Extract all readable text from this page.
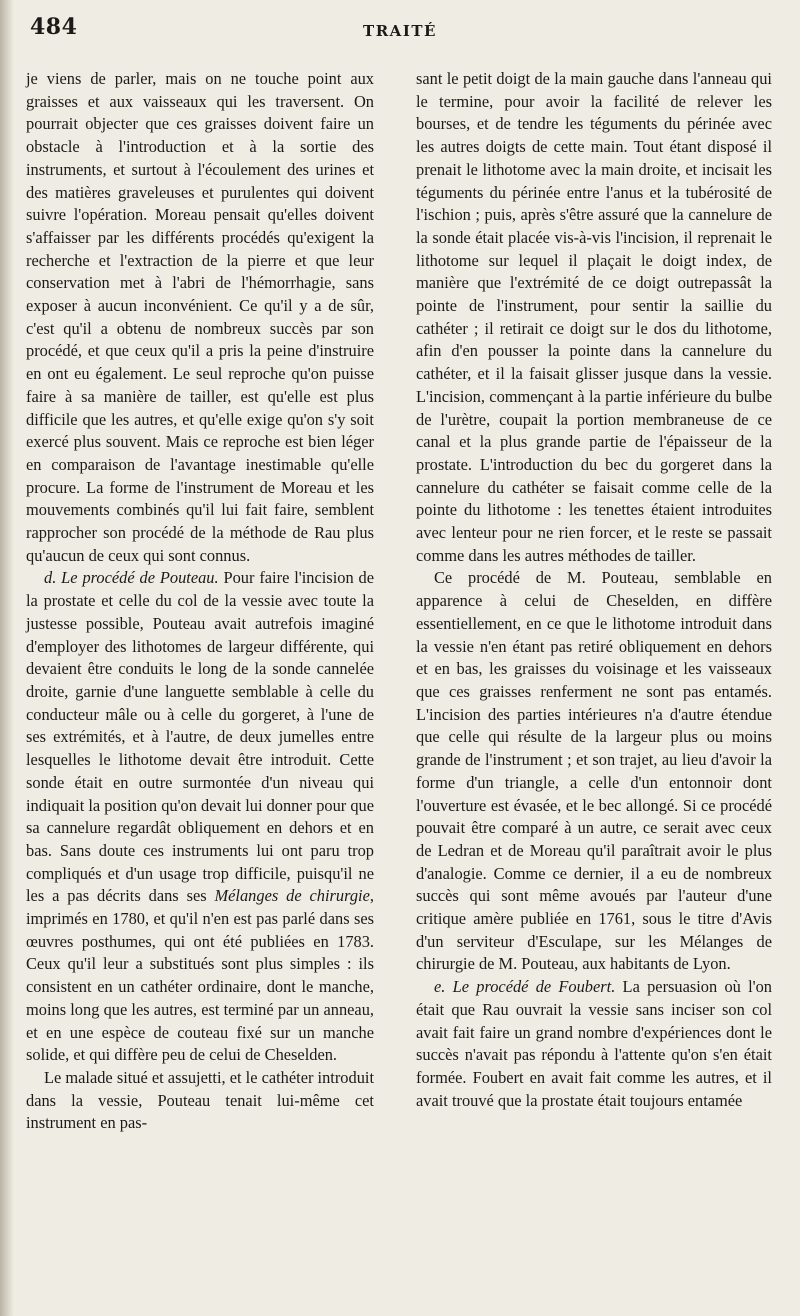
484	TRAITÉ

je viens de parler, mais on ne touche point aux graisses et aux vaisseaux qui les traversent. On pourrait objecter que ces graisses doivent faire un obstacle à l'introduction et à la sortie des instruments, et surtout à l'écoulement des urines et des matières graveleuses et purulentes qui doivent suivre l'opération. Moreau pensait qu'elles doivent s'affaisser par les différents procédés qu'exigent la recherche et l'extraction de la pierre et que leur conservation met à l'abri de l'hémorrhagie, sans exposer à aucun inconvénient. Ce qu'il y a de sûr, c'est qu'il a obtenu de nombreux succès par son procédé, et que ceux qu'il a pris la peine d'instruire en ont eu également. Le seul reproche qu'on puisse faire à sa manière de tailler, est qu'elle est plus difficile que les autres, et qu'elle exige qu'on s'y soit exercé plus souvent. Mais ce reproche est bien léger en comparaison de l'avantage inestimable qu'elle procure. La forme de l'instrument de Moreau et les mouvements combinés qu'il lui fait faire, semblent rapprocher son procédé de la méthode de Rau plus qu'aucun de ceux qui sont connus.

d. Le procédé de Pouteau. Pour faire l'incision de la prostate et celle du col de la vessie avec toute la justesse possible, Pouteau avait autrefois imaginé d'employer des lithotomes de largeur différente, qui devaient être conduits le long de la sonde cannelée droite, garnie d'une languette semblable à celle du conducteur mâle ou à celle du gorgeret, à l'une de ses extrémités, et à l'autre, de deux jumelles entre lesquelles le lithotome devait être introduit. Cette sonde était en outre surmontée d'un niveau qui indiquait la position qu'on devait lui donner pour que sa cannelure regardât obliquement en dehors et en bas. Sans doute ces instruments lui ont paru trop compliqués et d'un usage trop difficile, puisqu'il ne les a pas décrits dans ses Mélanges de chirurgie, imprimés en 1780, et qu'il n'en est pas parlé dans ses œuvres posthumes, qui ont été publiées en 1783. Ceux qu'il leur a substitués sont plus simples : ils consistent en un cathéter ordinaire, dont le manche, moins long que les autres, est terminé par un anneau, et en une espèce de couteau fixé sur un manche solide, et qui diffère peu de celui de Cheselden.

Le malade situé et assujetti, et le cathéter introduit dans la vessie, Pouteau tenait lui-même cet instrument en pas-

sant le petit doigt de la main gauche dans l'anneau qui le termine, pour avoir la facilité de relever les bourses, et de tendre les téguments du périnée avec les autres doigts de cette main. Tout étant disposé il prenait le lithotome avec la main droite, et incisait les téguments du périnée entre l'anus et la tubérosité de l'ischion ; puis, après s'être assuré que la cannelure de la sonde était placée vis-à-vis l'incision, il reprenait le lithotome sur lequel il plaçait le doigt index, de manière que l'extrémité de ce doigt outrepassât la pointe de l'instrument, pour sentir la saillie du cathéter ; il retirait ce doigt sur le dos du lithotome, afin d'en pousser la pointe dans la cannelure du cathéter, et il la faisait glisser jusque dans la vessie. L'incision, commençant à la partie inférieure du bulbe de l'urètre, coupait la portion membraneuse de ce canal et la plus grande partie de l'épaisseur de la prostate. L'introduction du bec du gorgeret dans la cannelure du cathéter se faisait comme celle de la pointe du lithotome : les tenettes étaient introduites avec lenteur pour ne rien forcer, et le reste se passait comme dans les autres méthodes de tailler.

Ce procédé de M. Pouteau, semblable en apparence à celui de Cheselden, en diffère essentiellement, en ce que le lithotome introduit dans la vessie n'en étant pas retiré obliquement en dehors et en bas, les graisses du voisinage et les vaisseaux que ces graisses renferment ne sont pas entamés. L'incision des parties intérieures n'a d'autre étendue que celle qui résulte de la largeur plus ou moins grande de l'instrument ; et son trajet, au lieu d'avoir la forme d'un triangle, a celle d'un entonnoir dont l'ouverture est évasée, et le bec allongé. Si ce procédé pouvait être comparé à un autre, ce serait avec ceux de Ledran et de Moreau qu'il paraîtrait avoir le plus d'analogie. Comme ce dernier, il a eu de nombreux succès qui sont même avoués par l'auteur d'une critique amère publiée en 1761, sous le titre d'Avis d'un serviteur d'Esculape, sur les Mélanges de chirurgie de M. Pouteau, aux habitants de Lyon.

e. Le procédé de Foubert. La persuasion où l'on était que Rau ouvrait la vessie sans inciser son col avait fait faire un grand nombre d'expériences dont le succès n'avait pas répondu à l'attente qu'on s'en était formée. Foubert en avait fait comme les autres, et il avait trouvé que la prostate était toujours entamée
